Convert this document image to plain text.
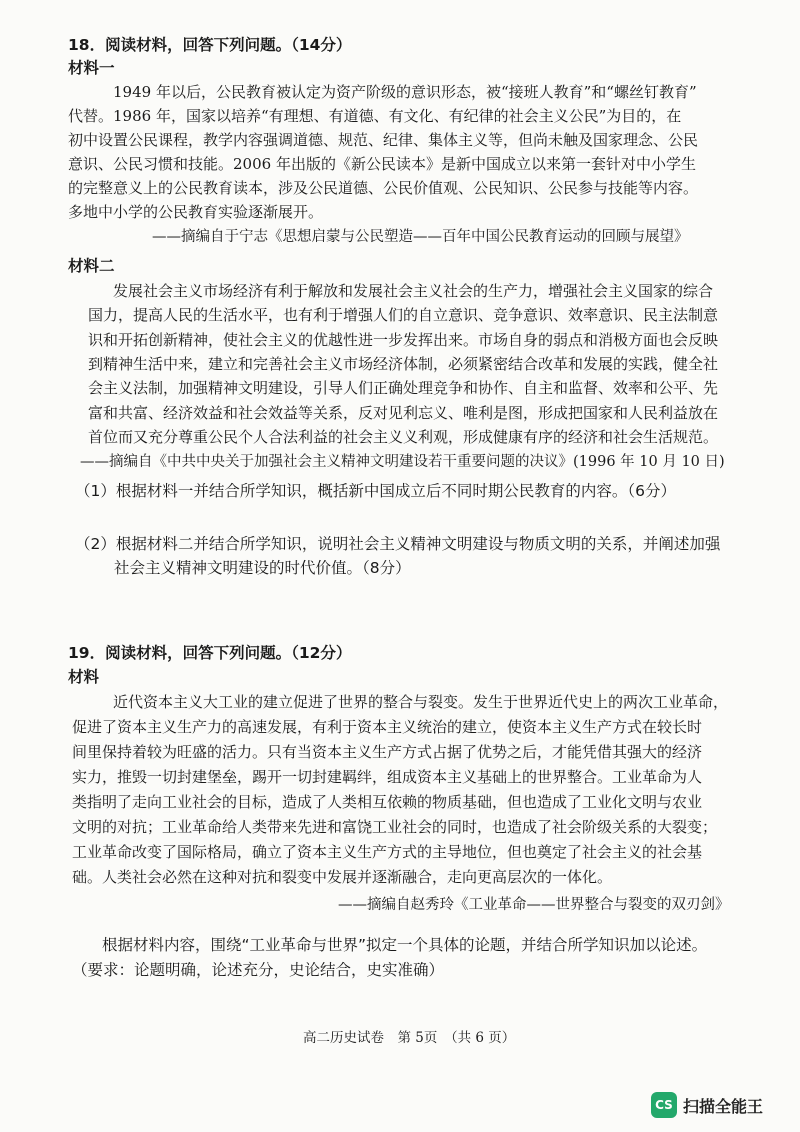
18．阅读材料，回答下列问题。（14分）
材料一
1949 年以后，公民教育被认定为资产阶级的意识形态，被“接班人教育”和“螺丝钉教育”
代替。1986 年，国家以培养“有理想、有道德、有文化、有纪律的社会主义公民”为目的，在
初中设置公民课程，教学内容强调道德、规范、纪律、集体主义等，但尚未触及国家理念、公民
意识、公民习惯和技能。2006 年出版的《新公民读本》是新中国成立以来第一套针对中小学生
的完整意义上的公民教育读本，涉及公民道德、公民价值观、公民知识、公民参与技能等内容。
多地中小学的公民教育实验逐渐展开。
——摘编自于宁志《思想启蒙与公民塑造——百年中国公民教育运动的回顾与展望》
材料二
发展社会主义市场经济有利于解放和发展社会主义社会的生产力，增强社会主义国家的综合
国力，提高人民的生活水平，也有利于增强人们的自立意识、竞争意识、效率意识、民主法制意
识和开拓创新精神，使社会主义的优越性进一步发挥出来。市场自身的弱点和消极方面也会反映
到精神生活中来，建立和完善社会主义市场经济体制，必须紧密结合改革和发展的实践，健全社
会主义法制，加强精神文明建设，引导人们正确处理竞争和协作、自主和监督、效率和公平、先
富和共富、经济效益和社会效益等关系，反对见利忘义、唯利是图，形成把国家和人民利益放在
首位而又充分尊重公民个人合法利益的社会主义义利观，形成健康有序的经济和社会生活规范。
——摘编自《中共中央关于加强社会主义精神文明建设若干重要问题的决议》(1996 年 10 月 10 日)
（1）根据材料一并结合所学知识，概括新中国成立后不同时期公民教育的内容。（6分）
（2）根据材料二并结合所学知识，说明社会主义精神文明建设与物质文明的关系，并阐述加强
社会主义精神文明建设的时代价值。（8分）
19．阅读材料，回答下列问题。（12分）
材料
近代资本主义大工业的建立促进了世界的整合与裂变。发生于世界近代史上的两次工业革命，
促进了资本主义生产力的高速发展，有利于资本主义统治的建立，使资本主义生产方式在较长时
间里保持着较为旺盛的活力。只有当资本主义生产方式占据了优势之后，才能凭借其强大的经济
实力，推毁一切封建堡垒，踢开一切封建羁绊，组成资本主义基础上的世界整合。工业革命为人
类指明了走向工业社会的目标，造成了人类相互依赖的物质基础，但也造成了工业化文明与农业
文明的对抗；工业革命给人类带来先进和富饶工业社会的同时，也造成了社会阶级关系的大裂变；
工业革命改变了国际格局，确立了资本主义生产方式的主导地位，但也奠定了社会主义的社会基
础。人类社会必然在这种对抗和裂变中发展并逐渐融合，走向更高层次的一体化。
——摘编自赵秀玲《工业革命——世界整合与裂变的双刃剑》
根据材料内容，围绕“工业革命与世界”拟定一个具体的论题，并结合所学知识加以论述。
（要求：论题明确，论述充分，史论结合，史实准确）
高二历史试卷　第 5页　（共 6 页）
CS 扫描全能王
